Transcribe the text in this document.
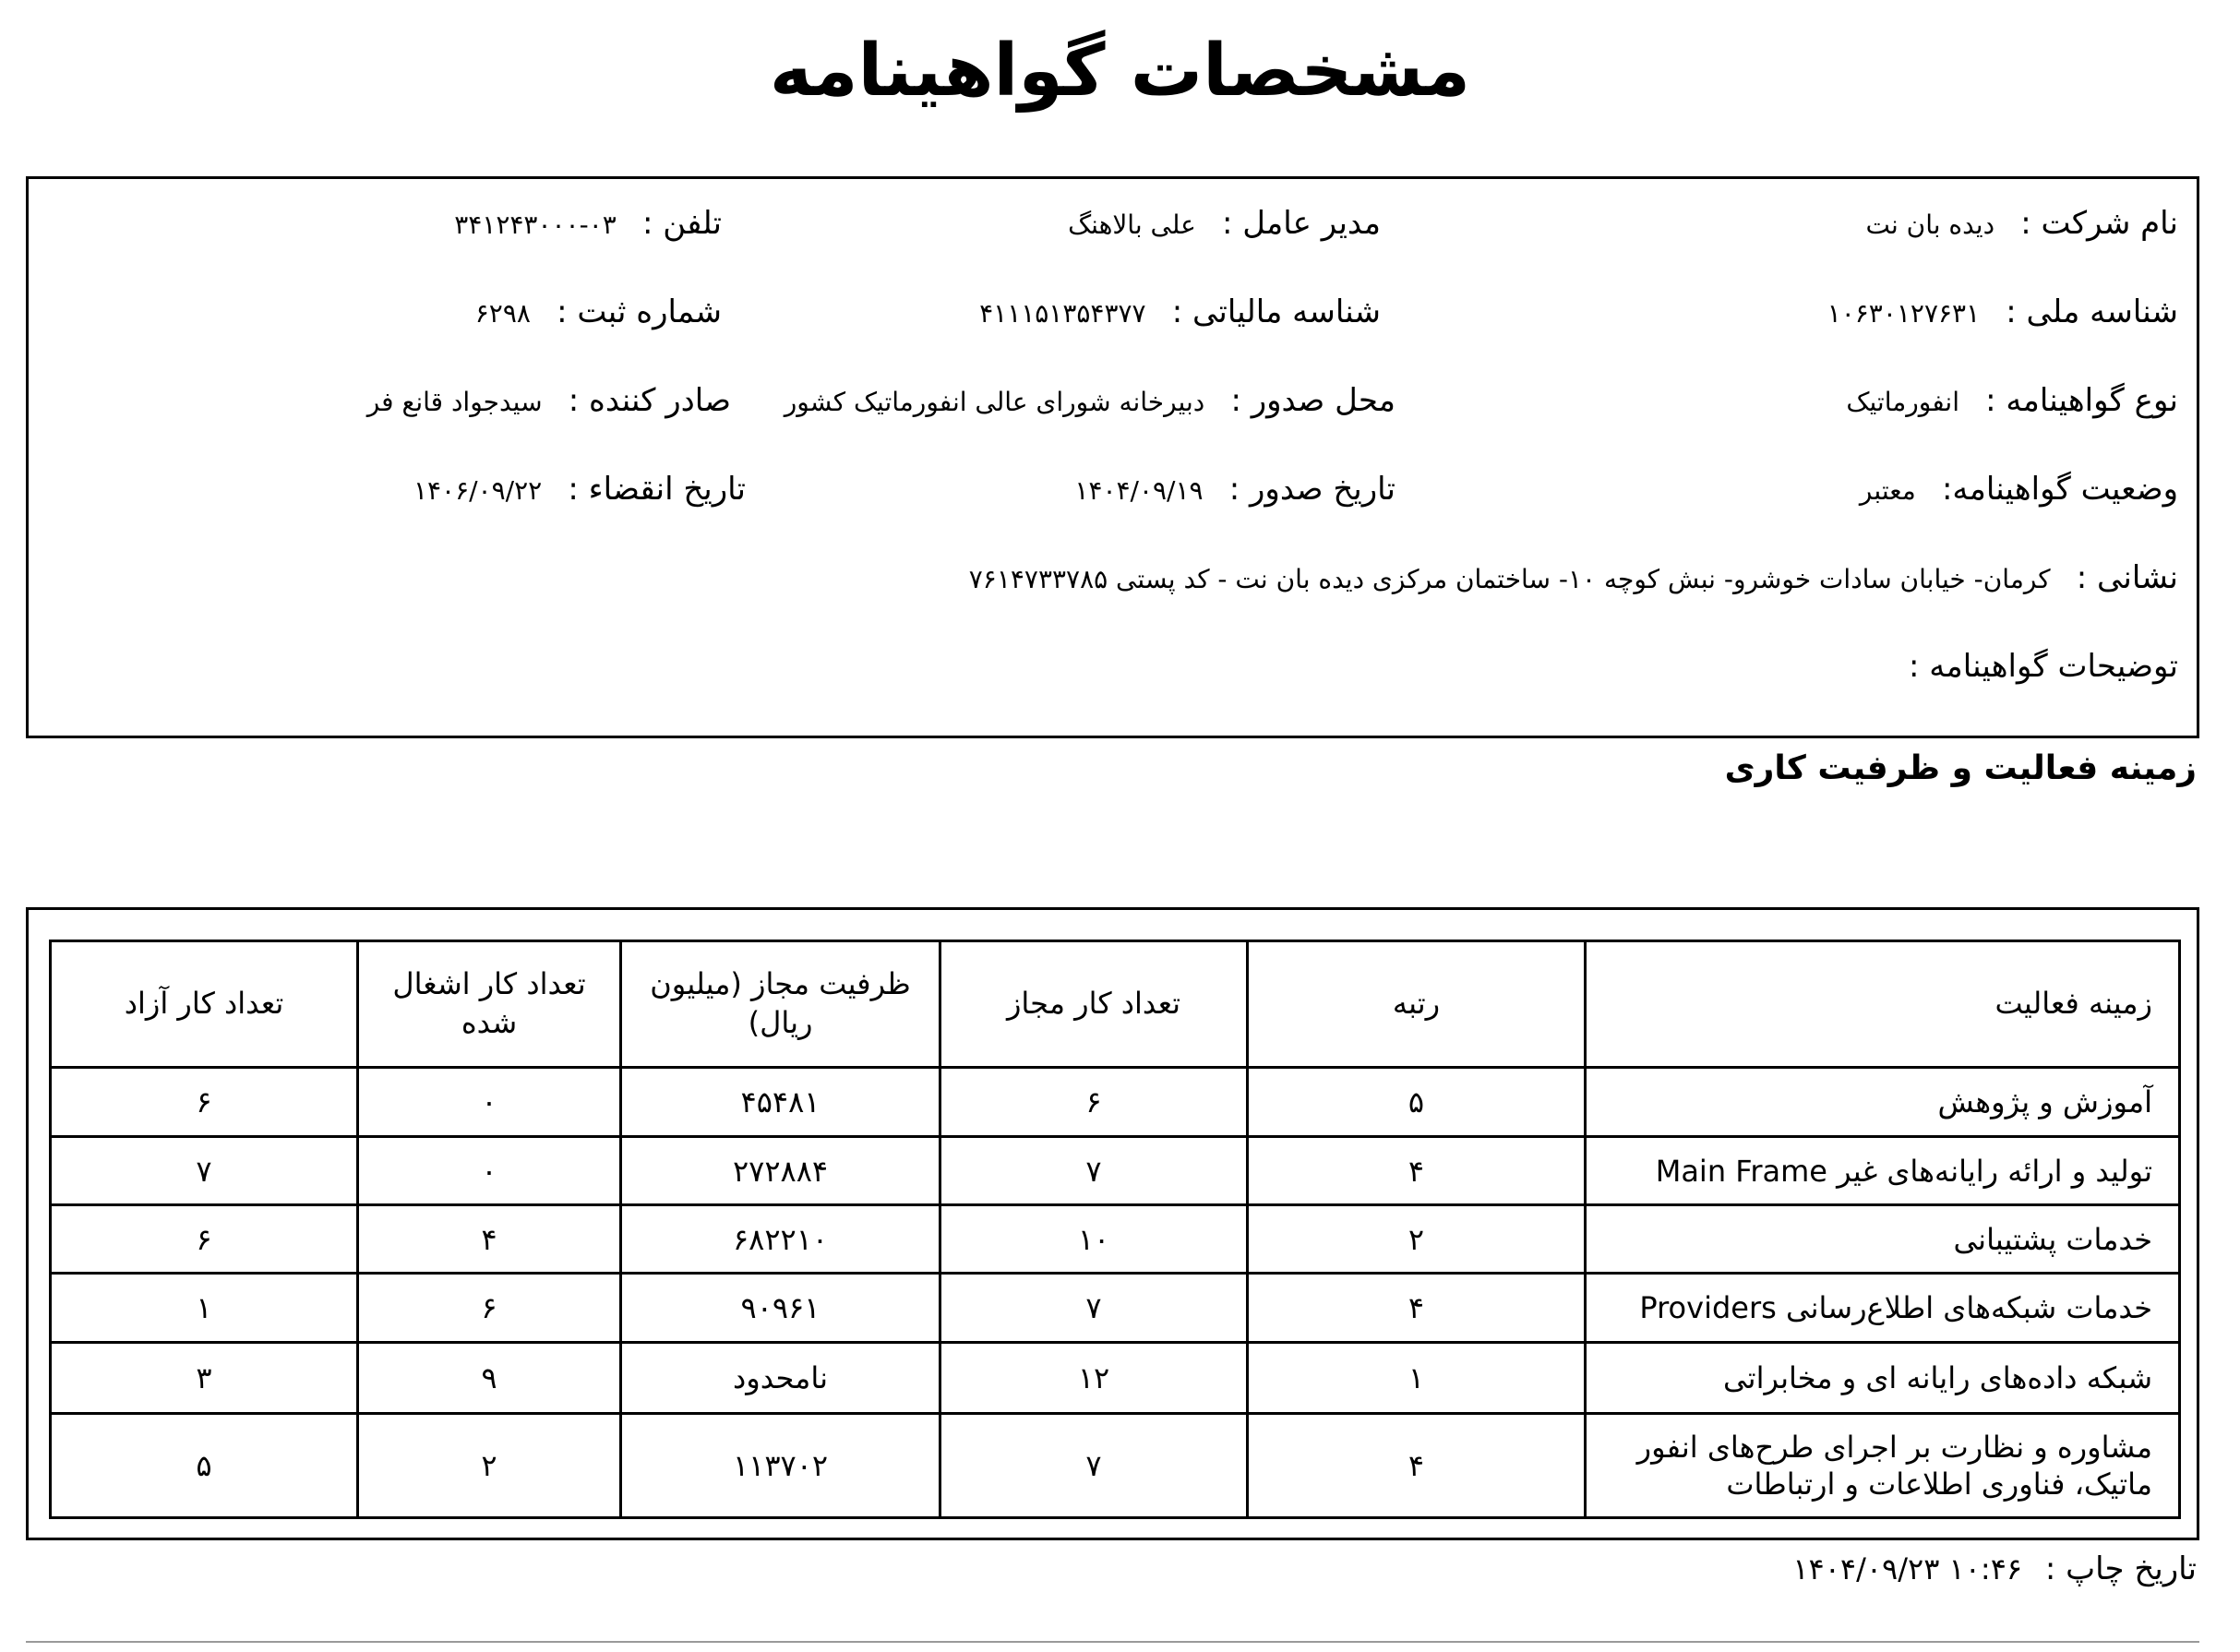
مشخصات گواهینامه
نام شرکت : دیده بان نت
مدیر عامل : علی بالاهنگ
تلفن : ۰۳-۳۴۱۲۴۳۰۰۰
شناسه ملی : ۱۰۶۳۰۱۲۷۶۳۱
شناسه مالیاتی : ۴۱۱۱۵۱۳۵۴۳۷۷
شماره ثبت : ۶۲۹۸
نوع گواهینامه : انفورماتیک
محل صدور : دبیرخانه شورای عالی انفورماتیک کشور
صادر کننده : سیدجواد قانع فر
وضعیت گواهینامه: معتبر
تاریخ صدور : ۱۴۰۴/۰۹/۱۹
تاریخ انقضاء : ۱۴۰۶/۰۹/۲۲
نشانی : کرمان- خیابان سادات خوشرو- نبش کوچه ۱۰- ساختمان مرکزی دیده بان نت - کد پستی ۷۶۱۴۷۳۳۷۸۵
توضیحات گواهینامه :
زمینه فعالیت و ظرفیت کاری
زمینه فعالیت	رتبه	تعداد کار مجاز	ظرفیت مجاز (میلیون ریال)	تعداد کار اشغال شده	تعداد کار آزاد
آموزش و پژوهش	۵	۶	۴۵۴۸۱	۰	۶
تولید و ارائه رایانه‌های غیر Main Frame	۴	۷	۲۷۲۸۸۴	۰	۷
خدمات پشتیبانی	۲	۱۰	۶۸۲۲۱۰	۴	۶
خدمات شبکه‌های اطلاع‌رسانی Providers	۴	۷	۹۰۹۶۱	۶	۱
شبکه داده‌های رایانه ای و مخابراتی	۱	۱۲	نامحدود	۹	۳
مشاوره و نظارت بر اجرای طرح‌های انفور ماتیک، فناوری اطلاعات و ارتباطات	۴	۷	۱۱۳۷۰۲	۲	۵
تاریخ چاپ : ۱۴۰۴/۰۹/۲۳ ۱۰:۴۶
